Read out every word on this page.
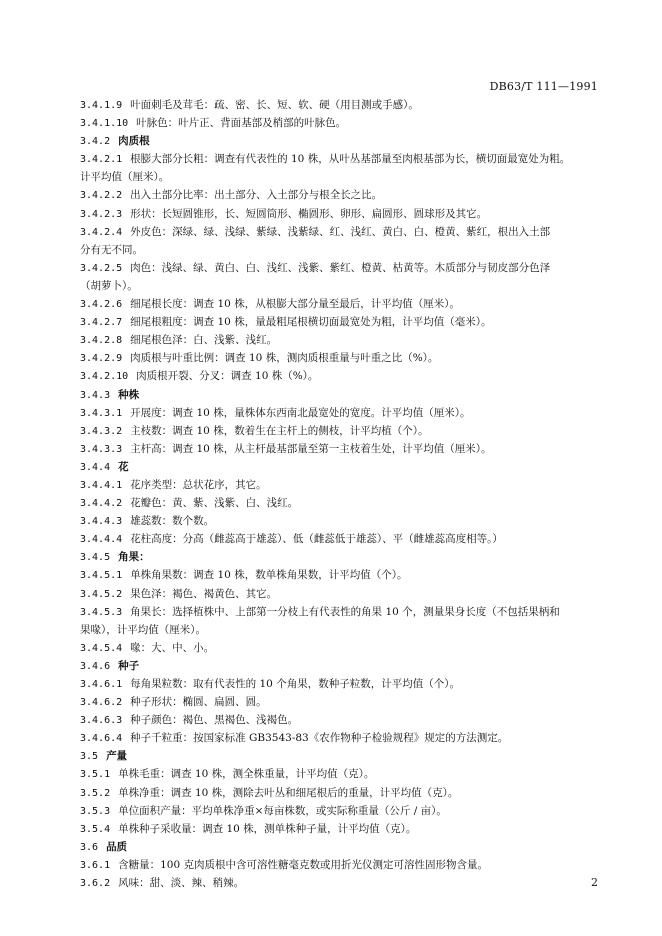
DB63/T 111—1991
3.4.1.9 叶面刺毛及茸毛：疏、密、长、短、软、硬（用目测或手感）。
3.4.1.10 叶脉色：叶片正、背面基部及梢部的叶脉色。
3.4.2 肉质根
3.4.2.1 根膨大部分长粗：调查有代表性的 10 株，从叶丛基部量至肉根基部为长，横切面最宽处为粗。
计平均值（厘米）。
3.4.2.2 出入土部分比率：出土部分、入土部分与根全长之比。
3.4.2.3 形状：长短圆锥形，长、短圆筒形、椭圆形、卵形、扁圆形、圆球形及其它。
3.4.2.4 外皮色：深绿、绿、浅绿、紫绿、浅紫绿、红、浅红、黄白、白、橙黄、紫红，根出入土部
分有无不同。
3.4.2.5 肉色：浅绿、绿、黄白、白、浅红、浅紫、紫红、橙黄、枯黄等。木质部分与韧皮部分色泽
（胡萝卜）。
3.4.2.6 细尾根长度：调查 10 株，从根膨大部分量至最后，计平均值（厘米）。
3.4.2.7 细尾根粗度：调查 10 株，量最粗尾根横切面最宽处为粗，计平均值（毫米）。
3.4.2.8 细尾根色泽：白、浅紫、浅红。
3.4.2.9 肉质根与叶重比例：调查 10 株，测肉质根重量与叶重之比（%）。
3.4.2.10 肉质根开裂、分叉：调查 10 株（%）。
3.4.3 种株
3.4.3.1 开展度：调查 10 株，量株体东西南北最宽处的宽度。计平均值（厘米）。
3.4.3.2 主枝数：调查 10 株，数着生在主杆上的侧枝，计平均植（个）。
3.4.3.3 主杆高：调查 10 株，从主杆最基部量至第一主枝着生处，计平均值（厘米）。
3.4.4 花
3.4.4.1 花序类型：总状花序，其它。
3.4.4.2 花瓣色：黄、紫、浅紫、白、浅红。
3.4.4.3 雄蕊数：数个数。
3.4.4.4 花柱高度：分高（雌蕊高于雄蕊）、低（雌蕊低于雄蕊）、平（雌雄蕊高度相等。）
3.4.5 角果：
3.4.5.1 单株角果数：调查 10 株，数单株角果数，计平均值（个）。
3.4.5.2 果色泽：褐色、褐黄色、其它。
3.4.5.3 角果长：选择植株中、上部第一分枝上有代表性的角果 10 个，测量果身长度（不包括果柄和
果喙），计平均值（厘米）。
3.4.5.4 喙：大、中、小。
3.4.6 种子
3.4.6.1 每角果粒数：取有代表性的 10 个角果，数种子粒数，计平均值（个）。
3.4.6.2 种子形状：椭圆、扁圆、圆。
3.4.6.3 种子颜色：褐色、黑褐色、浅褐色。
3.4.6.4 种子千粒重：按国家标准 GB3543-83《农作物种子检验规程》规定的方法测定。
3.5 产量
3.5.1 单株毛重：调查 10 株，测全株重量，计平均值（克）。
3.5.2 单株净重：调查 10 株，测除去叶丛和细尾根后的重量，计平均值（克）。
3.5.3 单位面积产量：平均单株净重×每亩株数，或实际称重量（公斤 / 亩）。
3.5.4 单株种子采收量：调查 10 株，测单株种子量，计平均值（克）。
3.6 品质
3.6.1 含糖量：100 克肉质根中含可溶性糖毫克数或用折光仪测定可溶性固形物含量。
3.6.2 风味：甜、淡、辣、稍辣。	2
